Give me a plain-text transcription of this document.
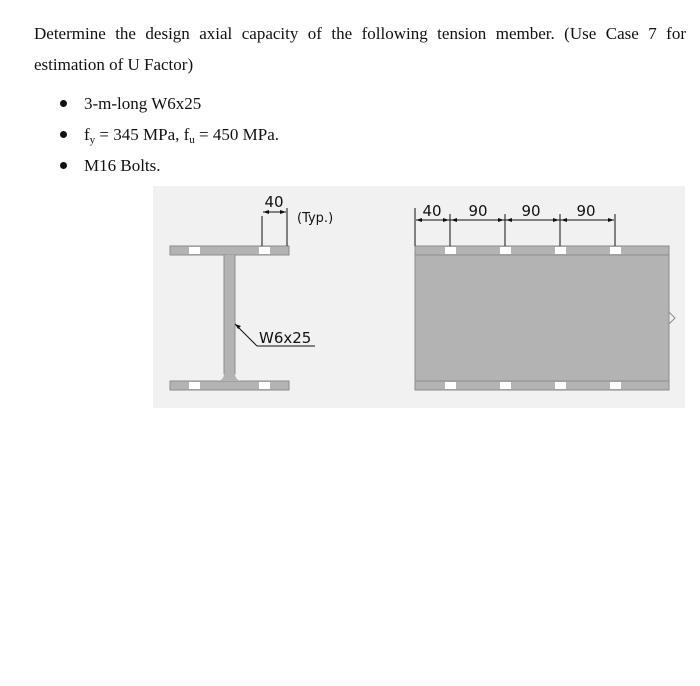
Determine the design axial capacity of the following tension member. (Use Case 7 for estimation of U Factor)

3-m-long W6x25
$f_y = 345$ MPa, $f_u = 450$ MPa.
M16 Bolts.
40
(Typ.)
W6x25
40 90 90 90
